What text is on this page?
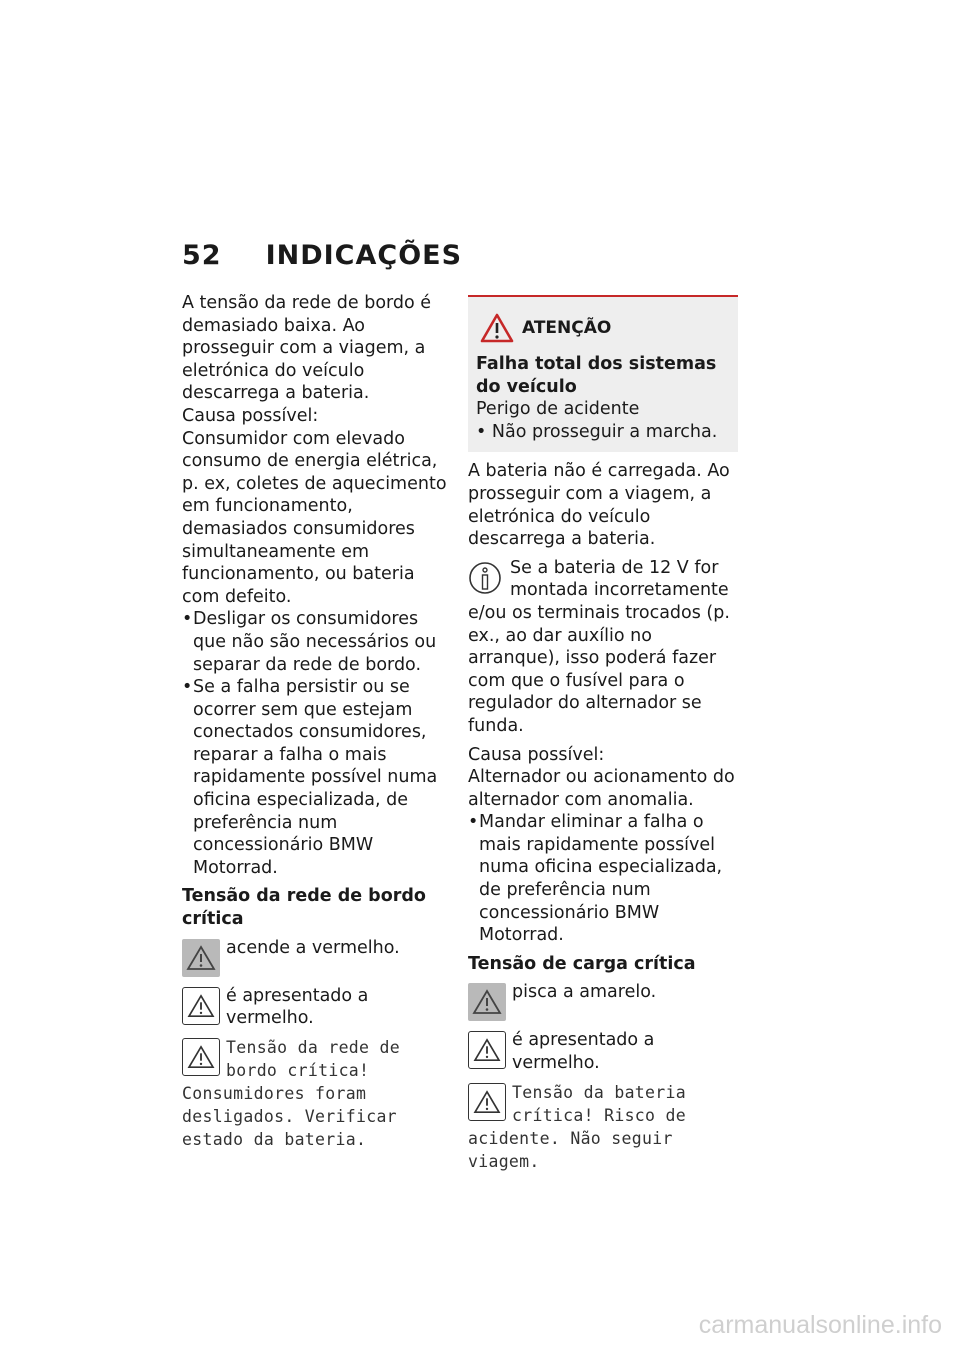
52 INDICAÇÕES

A tensão da rede de bordo é demasiado baixa. Ao prosseguir com a viagem, a eletrónica do veículo descarrega a bateria.

Causa possível:

Consumidor com elevado consumo de energia elétrica, p. ex, coletes de aquecimento em funcionamento, demasiados consumidores simultaneamente em funcionamento, ou bateria com defeito.

• Desligar os consumidores que não são necessários ou separar da rede de bordo.
• Se a falha persistir ou se ocorrer sem que estejam conectados consumidores, reparar a falha o mais rapidamente possível numa oficina especializada, de preferência num concessionário BMW Motorrad.
Tensão da rede de bordo crítica
acende a vermelho.
é apresentado a vermelho.
Tensão da rede de bordo crítica! Consumidores foram desligados. Verificar estado da bateria.
ATENÇÃO
Falha total dos sistemas do veículo

Perigo de acidente

• Não prosseguir a marcha.

A bateria não é carregada. Ao prosseguir com a viagem, a eletrónica do veículo descarrega a bateria.

Se a bateria de 12 V for montada incorretamente e/ou os terminais trocados (p. ex., ao dar auxílio no arranque), isso poderá fazer com que o fusível para o regulador do alternador se funda.

Causa possível:

Alternador ou acionamento do alternador com anomalia.

• Mandar eliminar a falha o mais rapidamente possível numa oficina especializada, de preferência num concessionário BMW Motorrad.
Tensão de carga crítica
pisca a amarelo.
é apresentado a vermelho.
Tensão da bateria crítica! Risco de acidente. Não seguir viagem.
carmanualsonline.info
